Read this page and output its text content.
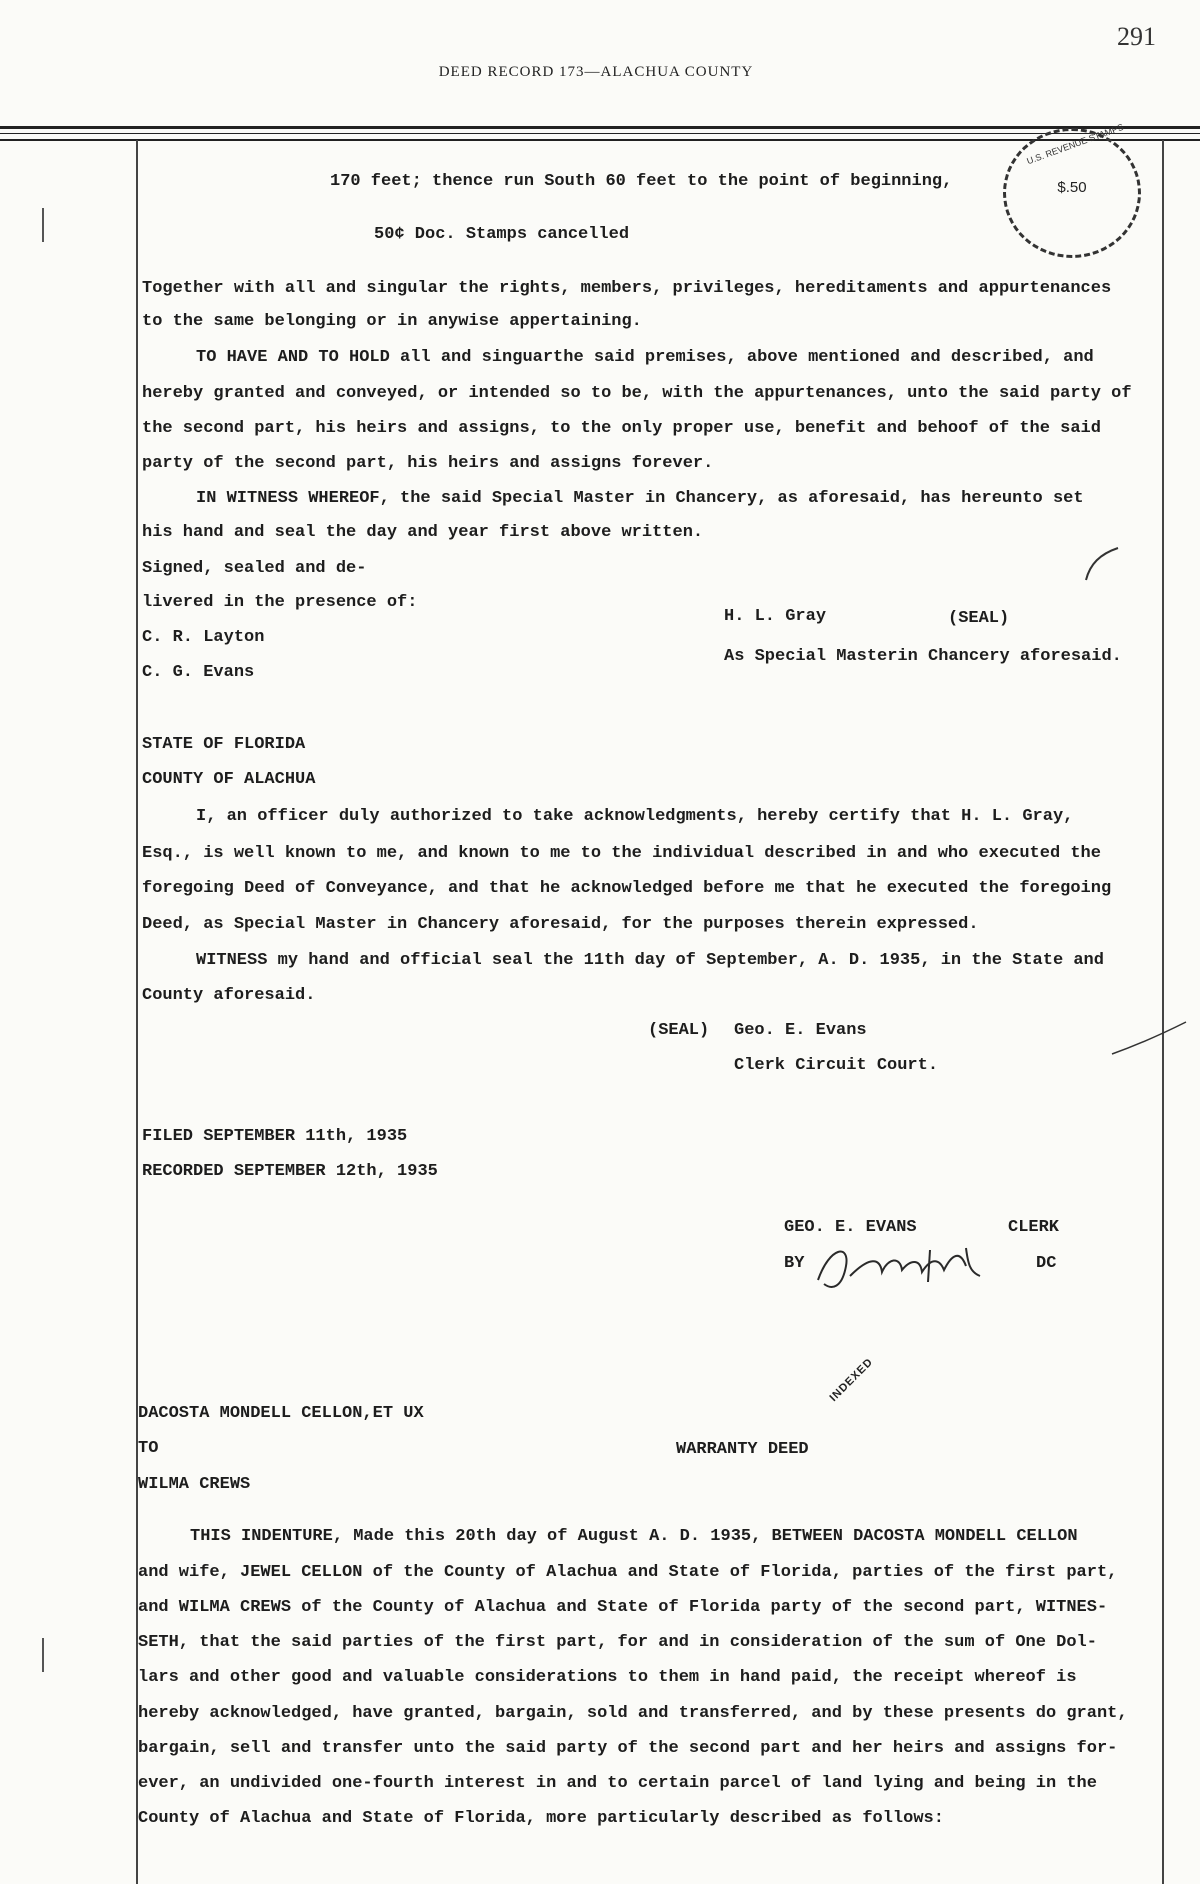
291
DEED RECORD 173—ALACHUA COUNTY
U.S. REVENUE STAMPS
$.50
170 feet; thence run South 60 feet to the point of beginning,
50¢ Doc. Stamps cancelled
Together with all and singular the rights, members, privileges, hereditaments and appurtenances
to the same belonging or in anywise appertaining.
TO HAVE AND TO HOLD all and singuarthe said premises, above mentioned and described, and
hereby granted and conveyed, or intended so to be, with the appurtenances, unto the said party of
the second part, his heirs and assigns, to the only proper use, benefit and behoof of the said
party of the second part, his heirs and assigns forever.
IN WITNESS WHEREOF, the said Special Master in Chancery, as aforesaid, has hereunto set
his hand and seal the day and year first above written.
Signed, sealed and de-
livered in the presence of:
C. R. Layton
C. G. Evans
H. L. Gray	(SEAL)
As Special Masterin Chancery aforesaid.
STATE OF FLORIDA
COUNTY OF ALACHUA
I, an officer duly authorized to take acknowledgments, hereby certify that H. L. Gray,
Esq., is well known to me, and known to me to the individual described in and who executed the
foregoing Deed of Conveyance, and that he acknowledged before me that he executed the foregoing
Deed, as Special Master in Chancery aforesaid, for the purposes therein expressed.
WITNESS my hand and official seal the 11th day of September, A. D. 1935, in the State and
County aforesaid.
(SEAL) Geo. E. Evans
Clerk Circuit Court.
FILED SEPTEMBER 11th, 1935
RECORDED SEPTEMBER 12th, 1935
GEO. E. EVANS	CLERK
BY	DC
INDEXED
DACOSTA MONDELL CELLON,ET UX
TO	WARRANTY DEED
WILMA CREWS
THIS INDENTURE, Made this 20th day of August A. D. 1935, BETWEEN DACOSTA MONDELL CELLON
and wife, JEWEL CELLON of the County of Alachua and State of Florida, parties of the first part,
and WILMA CREWS of the County of Alachua and State of Florida party of the second part, WITNES-
SETH, that the said parties of the first part, for and in consideration of the sum of One Dol-
lars and other good and valuable considerations to them in hand paid, the receipt whereof is
hereby acknowledged, have granted, bargain, sold and transferred, and by these presents do grant,
bargain, sell and transfer unto the said party of the second part and her heirs and assigns for-
ever, an undivided one-fourth interest in and to certain parcel of land lying and being in the
County of Alachua and State of Florida, more particularly described as follows:
